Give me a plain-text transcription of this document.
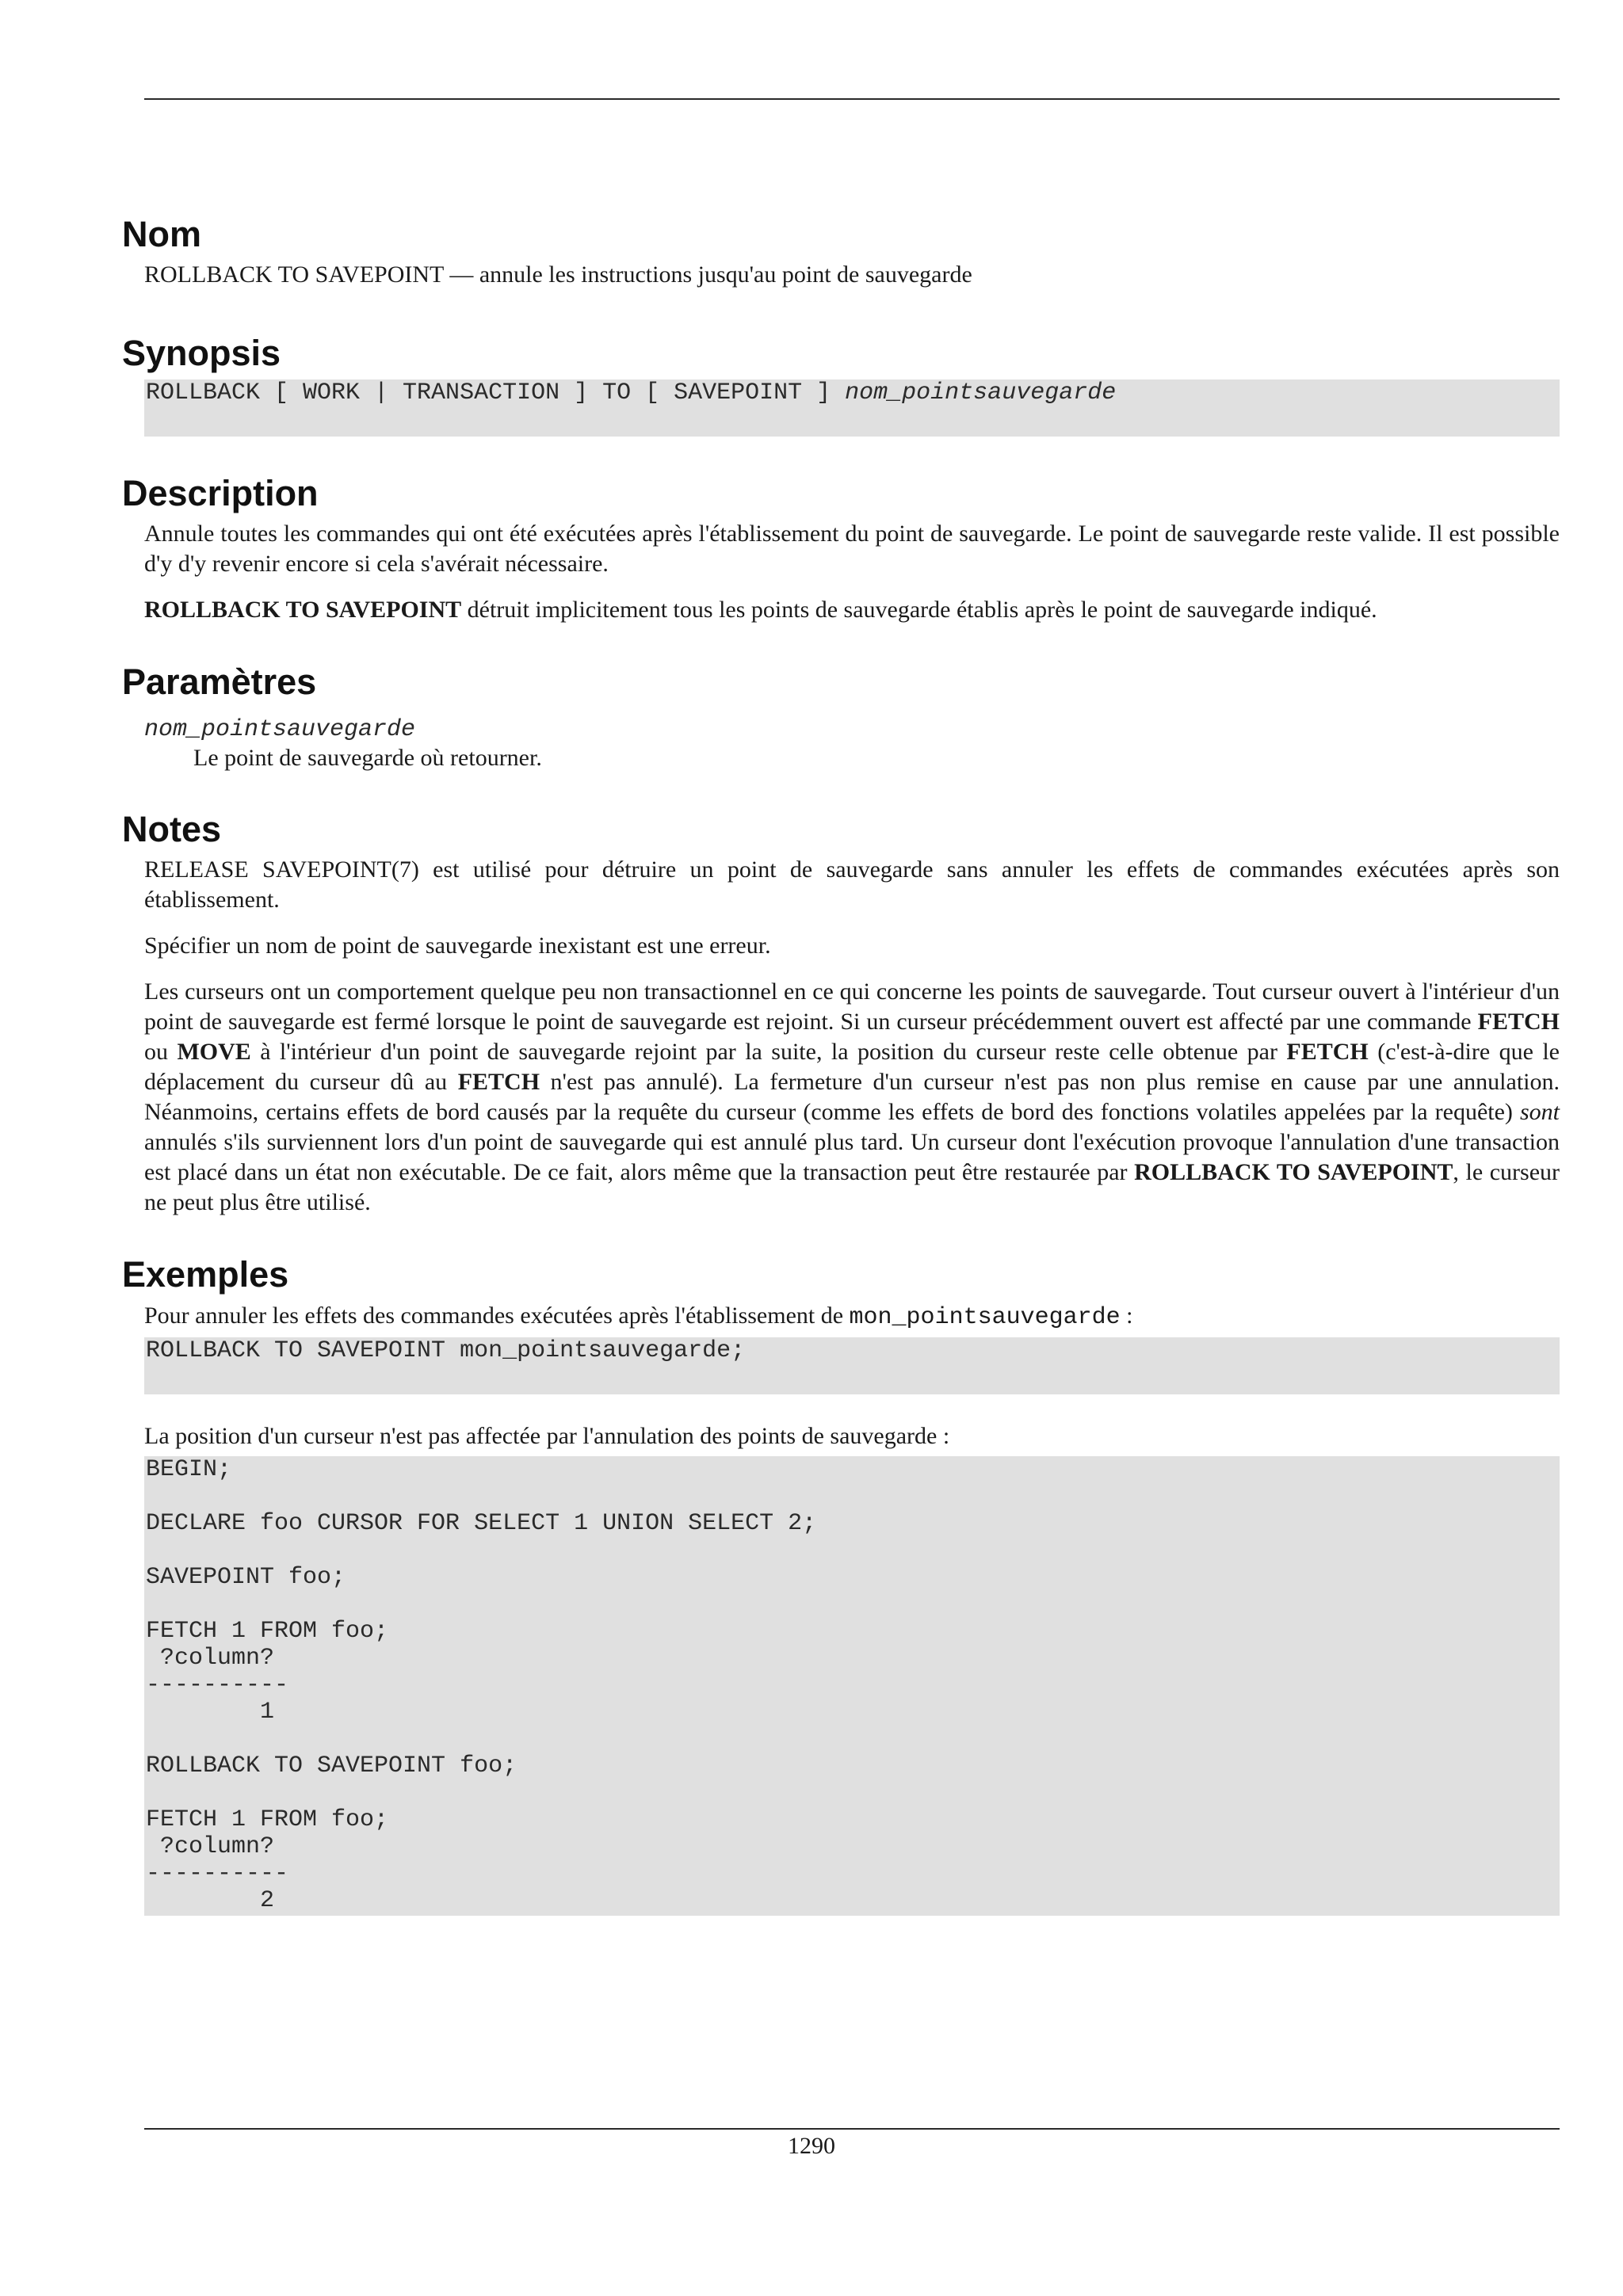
Nom

ROLLBACK TO SAVEPOINT — annule les instructions jusqu'au point de sauvegarde

Synopsis
ROLLBACK [ WORK | TRANSACTION ] TO [ SAVEPOINT ] nom_pointsauvegarde
Description

Annule toutes les commandes qui ont été exécutées après l'établissement du point de sauvegarde. Le point de sauvegarde reste valide. Il est possible d'y d'y revenir encore si cela s'avérait nécessaire.

ROLLBACK TO SAVEPOINT détruit implicitement tous les points de sauvegarde établis après le point de sauvegarde indiqué.

Paramètres
nom_pointsauvegarde
Le point de sauvegarde où retourner.
Notes

RELEASE SAVEPOINT(7) est utilisé pour détruire un point de sauvegarde sans annuler les effets de commandes exécutées après son établissement.

Spécifier un nom de point de sauvegarde inexistant est une erreur.

Les curseurs ont un comportement quelque peu non transactionnel en ce qui concerne les points de sauvegarde. Tout curseur ouvert à l'intérieur d'un point de sauvegarde est fermé lorsque le point de sauvegarde est rejoint. Si un curseur précédemment ouvert est affecté par une commande FETCH ou MOVE à l'intérieur d'un point de sauvegarde rejoint par la suite, la position du curseur reste celle obtenue par FETCH (c'est-à-dire que le déplacement du curseur dû au FETCH n'est pas annulé). La fermeture d'un curseur n'est pas non plus remise en cause par une annulation. Néanmoins, certains effets de bord causés par la requête du curseur (comme les effets de bord des fonctions volatiles appelées par la requête) sont annulés s'ils surviennent lors d'un point de sauvegarde qui est annulé plus tard. Un curseur dont l'exécution provoque l'annulation d'une transaction est placé dans un état non exécutable. De ce fait, alors même que la transaction peut être restaurée par ROLLBACK TO SAVEPOINT, le curseur ne peut plus être utilisé.

Exemples

Pour annuler les effets des commandes exécutées après l'établissement de mon_pointsauvegarde :

ROLLBACK TO SAVEPOINT mon_pointsauvegarde;

La position d'un curseur n'est pas affectée par l'annulation des points de sauvegarde :

BEGIN;

DECLARE foo CURSOR FOR SELECT 1 UNION SELECT 2;

SAVEPOINT foo;

FETCH 1 FROM foo;
?column?
----------
1

ROLLBACK TO SAVEPOINT foo;

FETCH 1 FROM foo;
?column?
----------
2
1290
